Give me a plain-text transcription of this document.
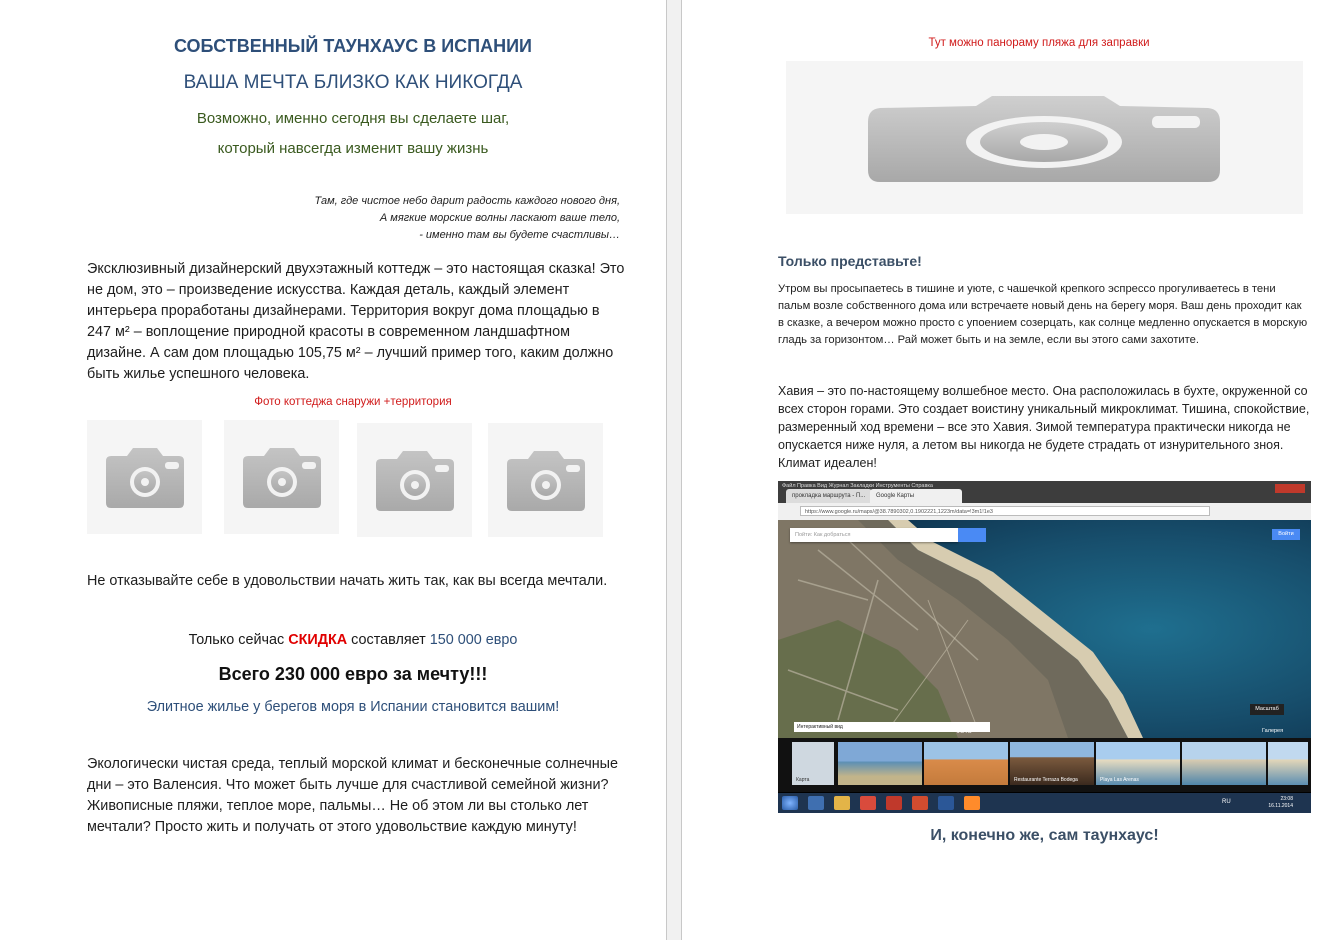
СОБСТВЕННЫЙ ТАУНХАУС В ИСПАНИИ
ВАША МЕЧТА БЛИЗКО КАК НИКОГДА
Возможно, именно сегодня вы сделаете шаг,
который навсегда изменит вашу жизнь
Там, где чистое небо дарит радость каждого нового дня,
А мягкие морские волны ласкают ваше тело,
- именно там вы будете счастливы…
Эксклюзивный дизайнерский двухэтажный коттедж – это настоящая сказка! Это не дом, это – произведение искусства. Каждая деталь, каждый элемент интерьера проработаны дизайнерами. Территория вокруг дома площадью в 247 м² – воплощение природной красоты в современном ландшафтном дизайне. А сам дом площадью 105,75 м² – лучший пример того, каким должно быть жилье успешного человека.
Фото коттеджа снаружи +территория
Не отказывайте себе в удовольствии начать жить так, как вы всегда мечтали.
Только сейчас СКИДКА составляет 150 000 евро
Всего 230 000 евро за мечту!!!
Элитное жилье у берегов моря в Испании становится вашим!
Экологически чистая среда, теплый морской климат и бесконечные солнечные дни – это Валенсия. Что может быть лучше для счастливой семейной жизни? Живописные пляжи, теплое море, пальмы… Не об этом ли вы столько лет мечтали? Просто жить и получать от этого удовольствие каждую минуту!
Тут можно панораму пляжа для заправки
Только представьте!
Утром вы просыпаетесь в тишине и уюте, с чашечкой крепкого эспрессо прогуливаетесь в тени пальм возле собственного дома или встречаете новый день на берегу моря. Ваш день проходит как в сказке, а вечером можно просто с упоением созерцать, как солнце медленно опускается в морскую гладь за горизонтом… Рай может быть и на земле, если вы этого сами захотите.
Хавия – это по-настоящему волшебное место. Она расположилась в бухте, окруженной со всех сторон горами. Это создает воистину уникальный микроклимат. Тишина, спокойствие, размеренный ход времени – все это Хавия. Зимой температура практически никогда не опускается ниже нуля, а летом вы никогда не будете страдать от изнурительного зноя. Климат идеален!
Файл Правка Вид Журнал Закладки Инструменты Справка
прокладка маршрута - П...	Google Карты
https://www.google.ru/maps/@38.7890302,0.1902221,1223m/data=!3m1!1e3
Пойти: Как добраться	Войти
Масштаб
Интерактивный вид
ФОТО	Галерея
Карта	Restaurante Terraza Bodega	Playa Las Arenas
RU	23:08
16.11.2014
И, конечно же, сам таунхаус!
